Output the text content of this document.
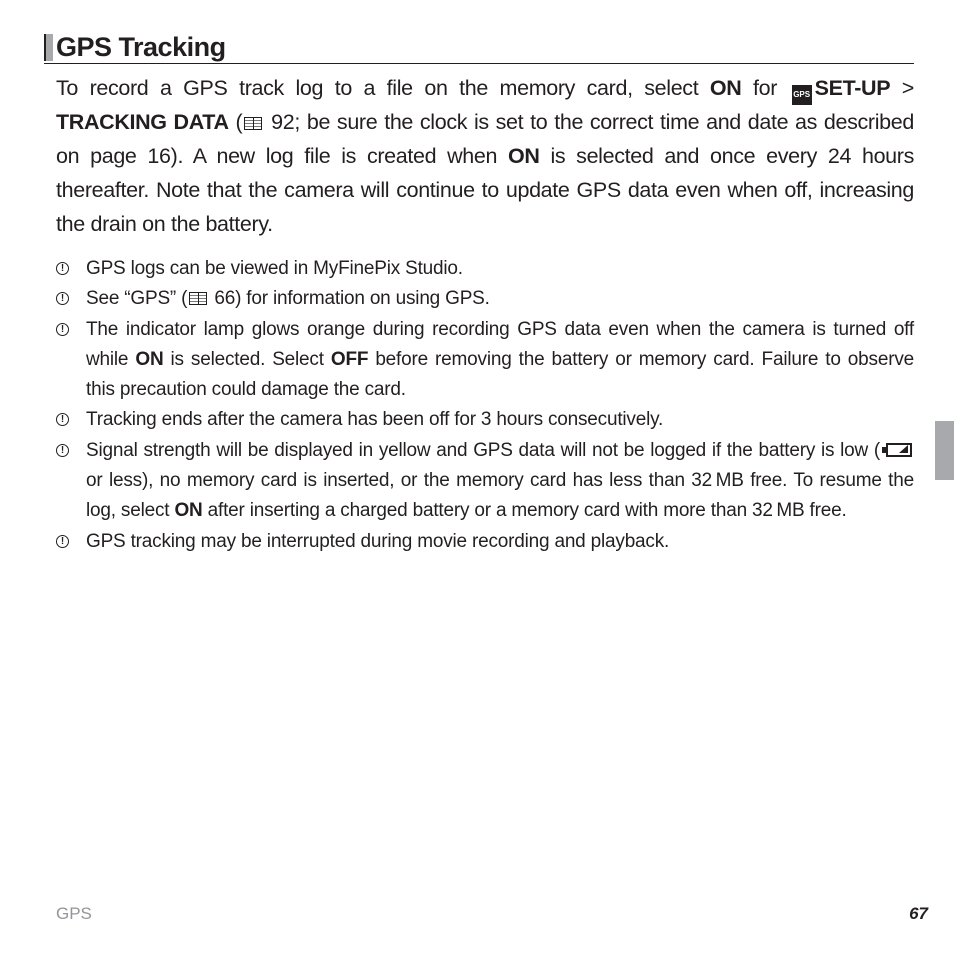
GPS Tracking

To record a GPS track log to a file on the memory card, select ON for GPS SET-UP > TRACKING DATA ( 92; be sure the clock is set to the correct time and date as described on page 16). A new log file is created when ON is selected and once every 24 hours thereafter. Note that the camera will continue to update GPS data even when off, increasing the drain on the battery.

! GPS logs can be viewed in MyFinePix Studio.
! See “GPS” ( 66) for information on using GPS.
! The indicator lamp glows orange during recording GPS data even when the camera is turned off while ON is selected. Select OFF before removing the battery or memory card. Failure to observe this precaution could damage the card.
! Tracking ends after the camera has been off for 3 hours consecutively.
! Signal strength will be displayed in yellow and GPS data will not be logged if the battery is low (
or less), no memory card is inserted, or the memory card has less than 32 MB free. To resume the log, select ON after inserting a charged battery or a memory card with more than 32 MB free.
! GPS tracking may be interrupted during movie recording and playback.
GPS	67
